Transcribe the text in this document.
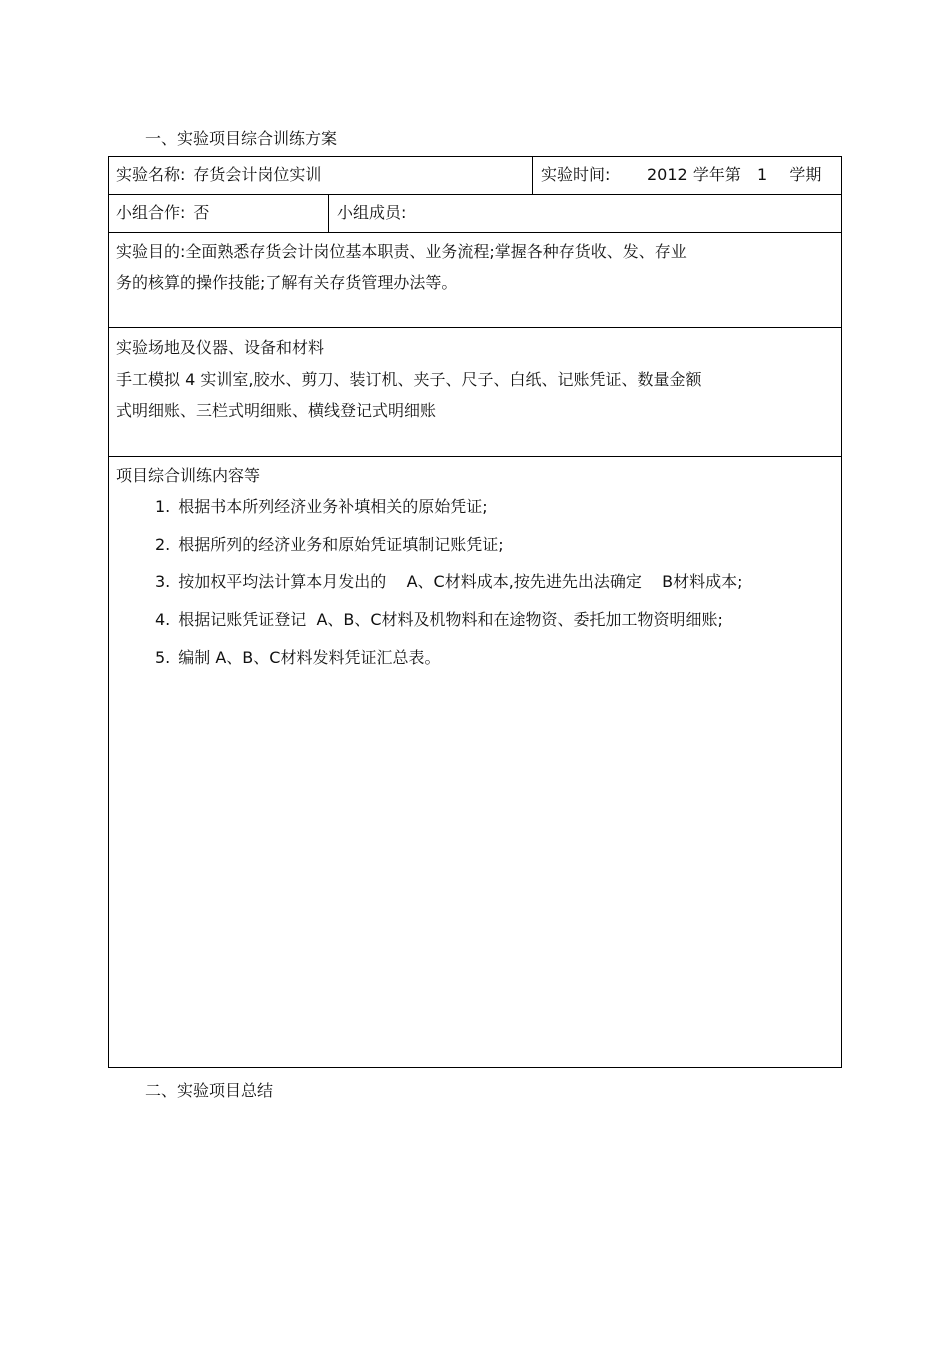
一、实验项目综合训练方案
实验名称: 存货会计岗位实训	实验时间: 2012 学年第 1 学期
小组合作: 否	小组成员:
实验目的:全面熟悉存货会计岗位基本职责、业务流程;掌握各种存货收、发、存业
务的核算的操作技能;了解有关存货管理办法等。
实验场地及仪器、设备和材料
手工模拟 4 实训室,胶水、剪刀、装订机、夹子、尺子、白纸、记账凭证、数量金额
式明细账、三栏式明细账、横线登记式明细账
项目综合训练内容等
1. 根据书本所列经济业务补填相关的原始凭证;
2. 根据所列的经济业务和原始凭证填制记账凭证;
3. 按加权平均法计算本月发出的    A、C材料成本,按先进先出法确定    B材料成本;
4. 根据记账凭证登记  A、B、C材料及机物料和在途物资、委托加工物资明细账;
5. 编制 A、B、C材料发料凭证汇总表。
二、实验项目总结
